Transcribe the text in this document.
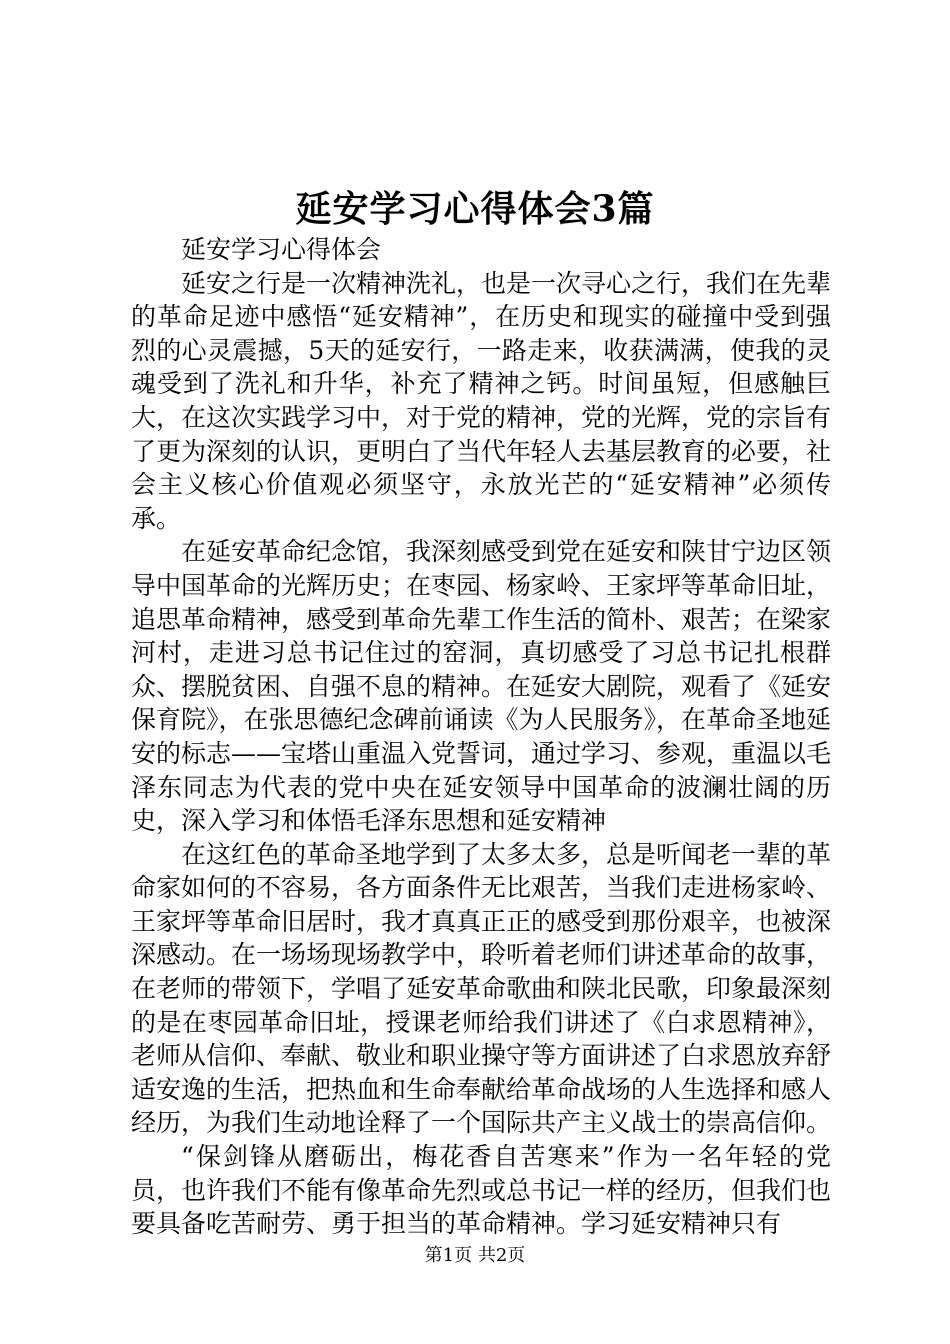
延安学习心得体会3篇

延安学习心得体会

延安之行是一次精神洗礼，也是一次寻心之行，我们在先辈的革命足迹中感悟“延安精神”，在历史和现实的碰撞中受到强烈的心灵震撼，5天的延安行，一路走来，收获满满，使我的灵魂受到了洗礼和升华，补充了精神之钙。时间虽短，但感触巨大，在这次实践学习中，对于党的精神，党的光辉，党的宗旨有了更为深刻的认识，更明白了当代年轻人去基层教育的必要，社会主义核心价值观必须坚守，永放光芒的“延安精神”必须传承。

在延安革命纪念馆，我深刻感受到党在延安和陕甘宁边区领导中国革命的光辉历史；在枣园、杨家岭、王家坪等革命旧址，追思革命精神，感受到革命先辈工作生活的简朴、艰苦；在梁家河村，走进习总书记住过的窑洞，真切感受了习总书记扎根群众、摆脱贫困、自强不息的精神。在延安大剧院，观看了《延安保育院》，在张思德纪念碑前诵读《为人民服务》，在革命圣地延安的标志——宝塔山重温入党誓词，通过学习、参观，重温以毛泽东同志为代表的党中央在延安领导中国革命的波澜壮阔的历史，深入学习和体悟毛泽东思想和延安精神

在这红色的革命圣地学到了太多太多，总是听闻老一辈的革命家如何的不容易，各方面条件无比艰苦，当我们走进杨家岭、王家坪等革命旧居时，我才真真正正的感受到那份艰辛，也被深深感动。在一场场现场教学中，聆听着老师们讲述革命的故事，在老师的带领下，学唱了延安革命歌曲和陕北民歌，印象最深刻的是在枣园革命旧址，授课老师给我们讲述了《白求恩精神》，老师从信仰、奉献、敬业和职业操守等方面讲述了白求恩放弃舒适安逸的生活，把热血和生命奉献给革命战场的人生选择和感人经历，为我们生动地诠释了一个国际共产主义战士的崇高信仰。

“保剑锋从磨砺出，梅花香自苦寒来”作为一名年轻的党员，也许我们不能有像革命先烈或总书记一样的经历，但我们也要具备吃苦耐劳、勇于担当的革命精神。学习延安精神只有

第1页 共2页
